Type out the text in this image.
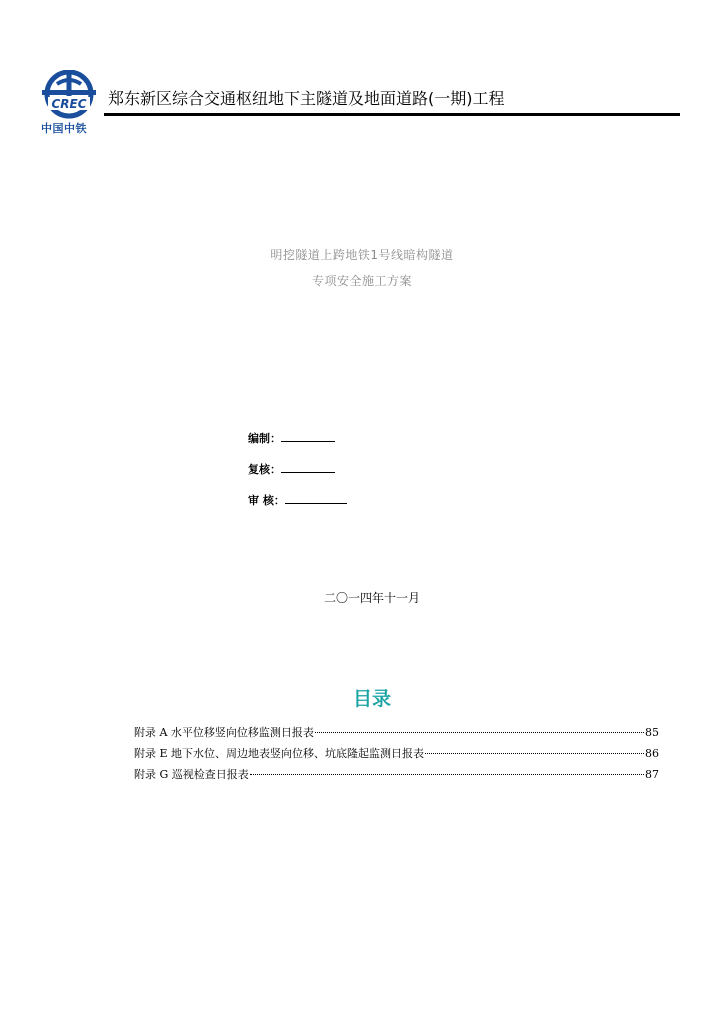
CREC
中国中铁
郑东新区综合交通枢纽地下主隧道及地面道路(一期)工程
明挖隧道上跨地铁1号线暗构隧道
专项安全施工方案
编制：
复核：
审 核：
二〇一四年十一月
目录
附录 A 水平位移竖向位移监测日报表	85
附录 E 地下水位、周边地表竖向位移、坑底隆起监测日报表	86
附录 G 巡视检查日报表	87
